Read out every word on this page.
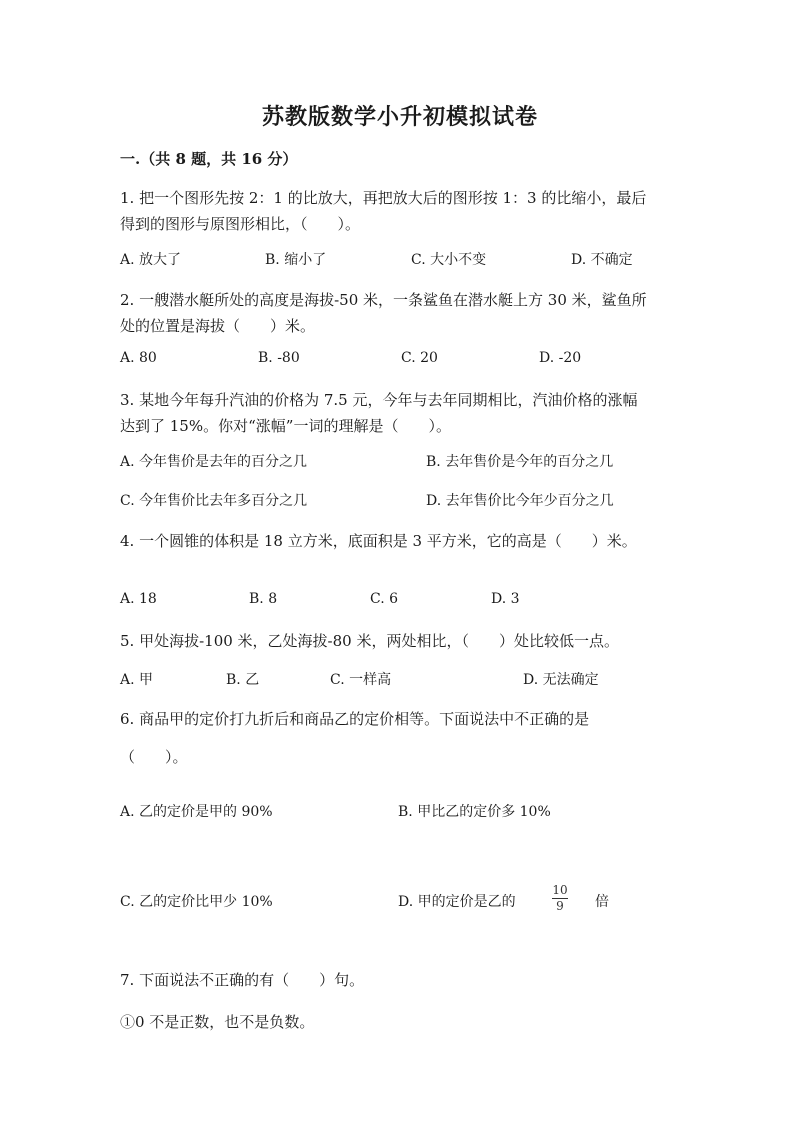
苏教版数学小升初模拟试卷
一.（共 8 题，共 16 分）
1. 把一个图形先按 2：1 的比放大，再把放大后的图形按 1：3 的比缩小，最后
得到的图形与原图形相比，（　　）。
A. 放大了	B. 缩小了	C. 大小不变	D. 不确定
2. 一艘潜水艇所处的高度是海拔-50 米，一条鲨鱼在潜水艇上方 30 米，鲨鱼所
处的位置是海拔（　　）米。
A. 80	B. -80	C. 20	D. -20
3. 某地今年每升汽油的价格为 7.5 元，今年与去年同期相比，汽油价格的涨幅
达到了 15%。你对“涨幅”一词的理解是（　　）。
A. 今年售价是去年的百分之几	B. 去年售价是今年的百分之几
C. 今年售价比去年多百分之几	D. 去年售价比今年少百分之几
4. 一个圆锥的体积是 18 立方米，底面积是 3 平方米，它的高是（　　）米。
A. 18	B. 8	C. 6	D. 3
5. 甲处海拔-100 米，乙处海拔-80 米，两处相比，（　　）处比较低一点。
A. 甲	B. 乙	C. 一样高	D. 无法确定
6. 商品甲的定价打九折后和商品乙的定价相等。下面说法中不正确的是
（　　）。
A. 乙的定价是甲的 90%	B. 甲比乙的定价多 10%
C. 乙的定价比甲少 10%	D. 甲的定价是乙的
10
9 倍
7. 下面说法不正确的有（　　）句。
①0 不是正数，也不是负数。
